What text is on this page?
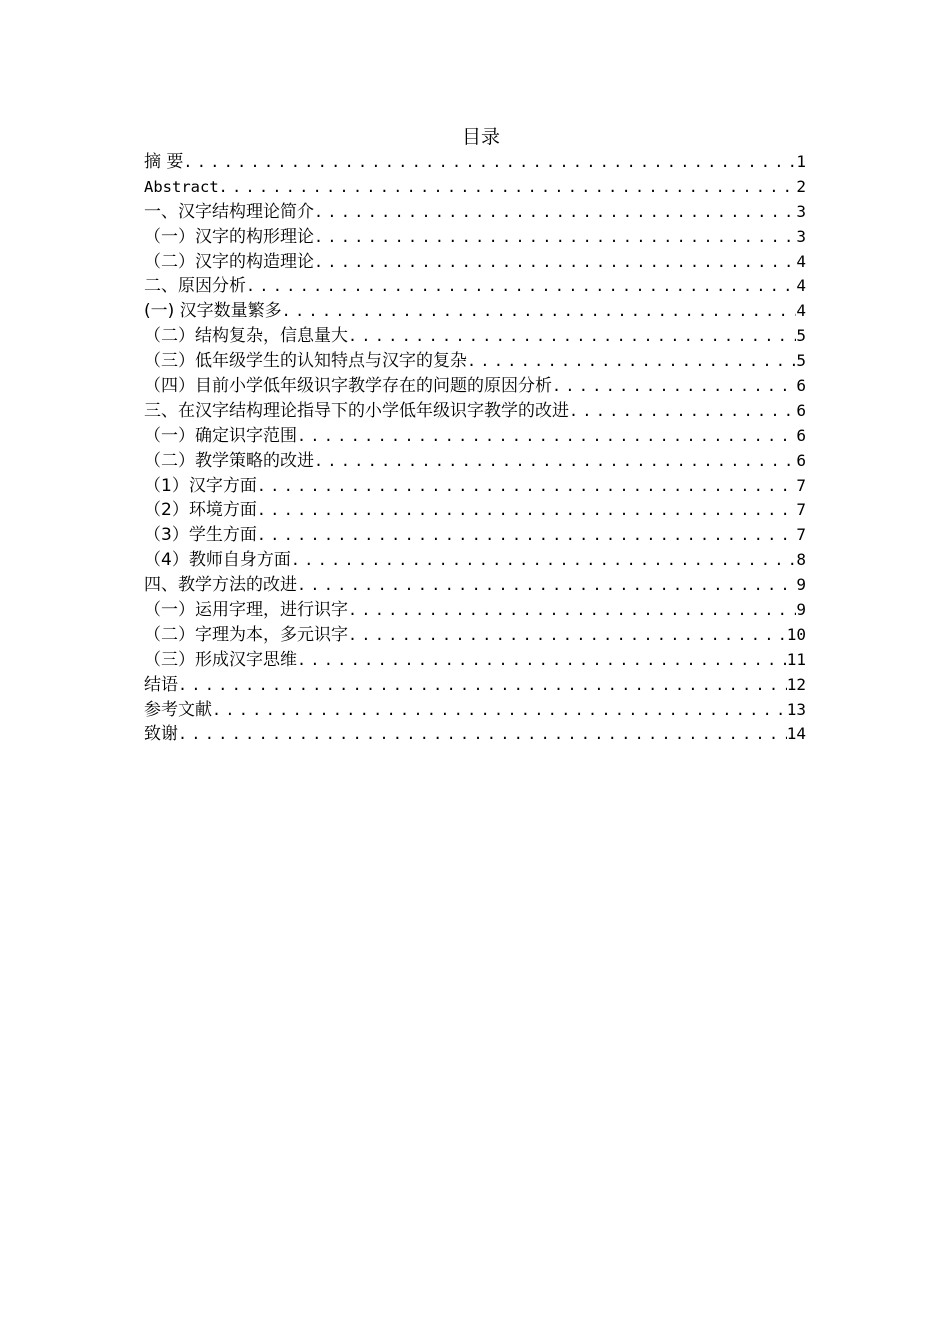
目录
摘 要 .....	1
Abstract .....	2
一、汉字结构理论简介 .....	3
（一）汉字的构形理论 .....	3
（二）汉字的构造理论 .....	4
二、原因分析 .....	4
(一) 汉字数量繁多 .....	4
（二）结构复杂，信息量大 .....	5
（三）低年级学生的认知特点与汉字的复杂 .....	5
（四）目前小学低年级识字教学存在的问题的原因分析 .....	6
三、在汉字结构理论指导下的小学低年级识字教学的改进 .....	6
（一）确定识字范围 .....	6
（二）教学策略的改进 .....	6
（1）汉字方面 .....	7
（2）环境方面 .....	7
（3）学生方面 .....	7
（4）教师自身方面 .....	8
四、教学方法的改进 .....	9
（一）运用字理，进行识字 .....	9
（二）字理为本，多元识字 .....	10
（三）形成汉字思维 .....	11
结语 .....	12
参考文献 .....	13
致谢 .....	14
